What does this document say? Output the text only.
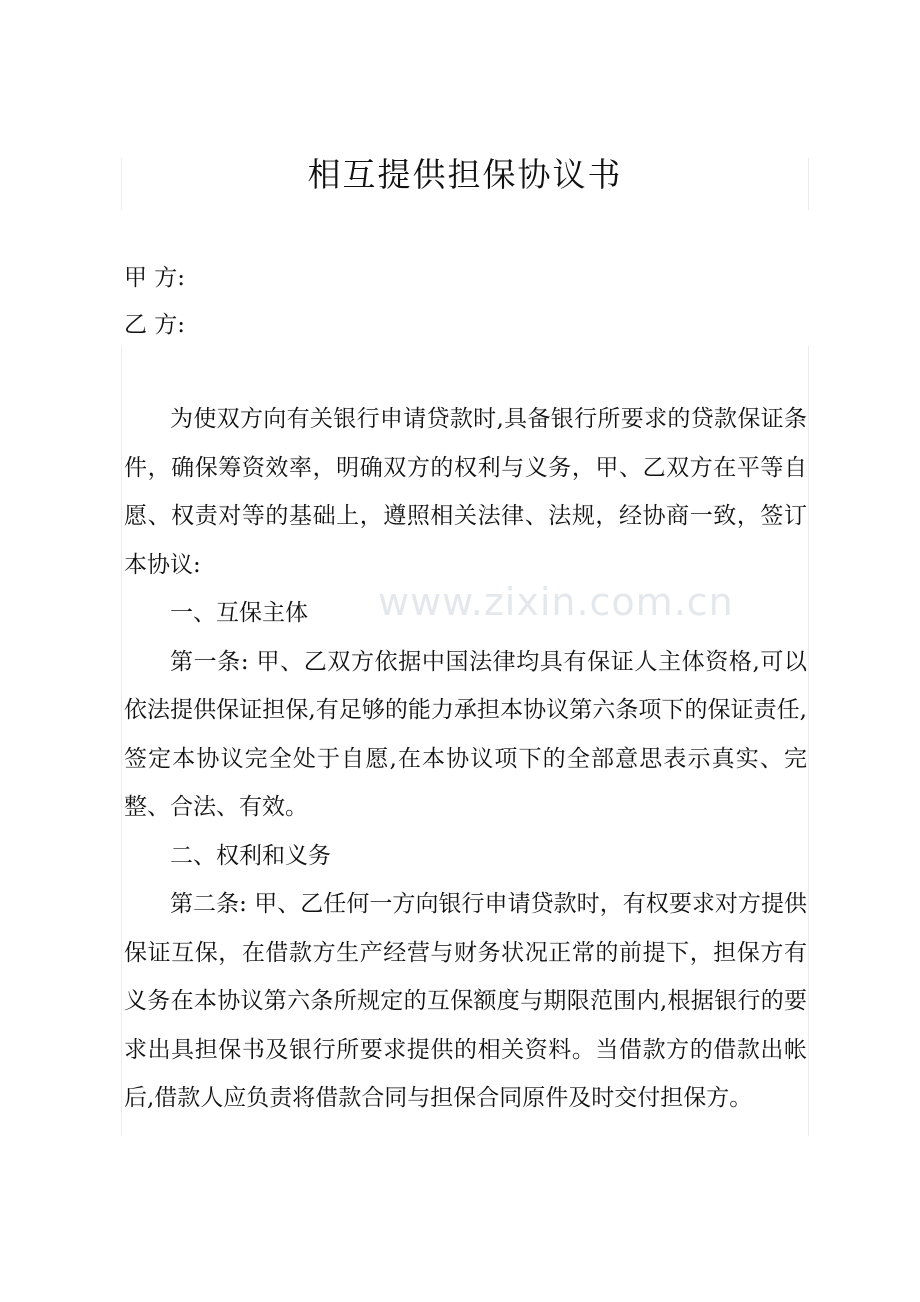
相互提供担保协议书
甲 方:
乙 方:

为使双方向有关银行申请贷款时,具备银行所要求的贷款保证条件，确保筹资效率，明确双方的权利与义务，甲、乙双方在平等自愿、权责对等的基础上，遵照相关法律、法规，经协商一致，签订本协议:

一、互保主体

第一条: 甲、乙双方依据中国法律均具有保证人主体资格,可以依法提供保证担保,有足够的能力承担本协议第六条项下的保证责任,签定本协议完全处于自愿,在本协议项下的全部意思表示真实、完整、合法、有效。

二、权利和义务

第二条: 甲、乙任何一方向银行申请贷款时，有权要求对方提供保证互保，在借款方生产经营与财务状况正常的前提下，担保方有义务在本协议第六条所规定的互保额度与期限范围内,根据银行的要求出具担保书及银行所要求提供的相关资料。当借款方的借款出帐后,借款人应负责将借款合同与担保合同原件及时交付担保方。

www.zixin.com.cn
